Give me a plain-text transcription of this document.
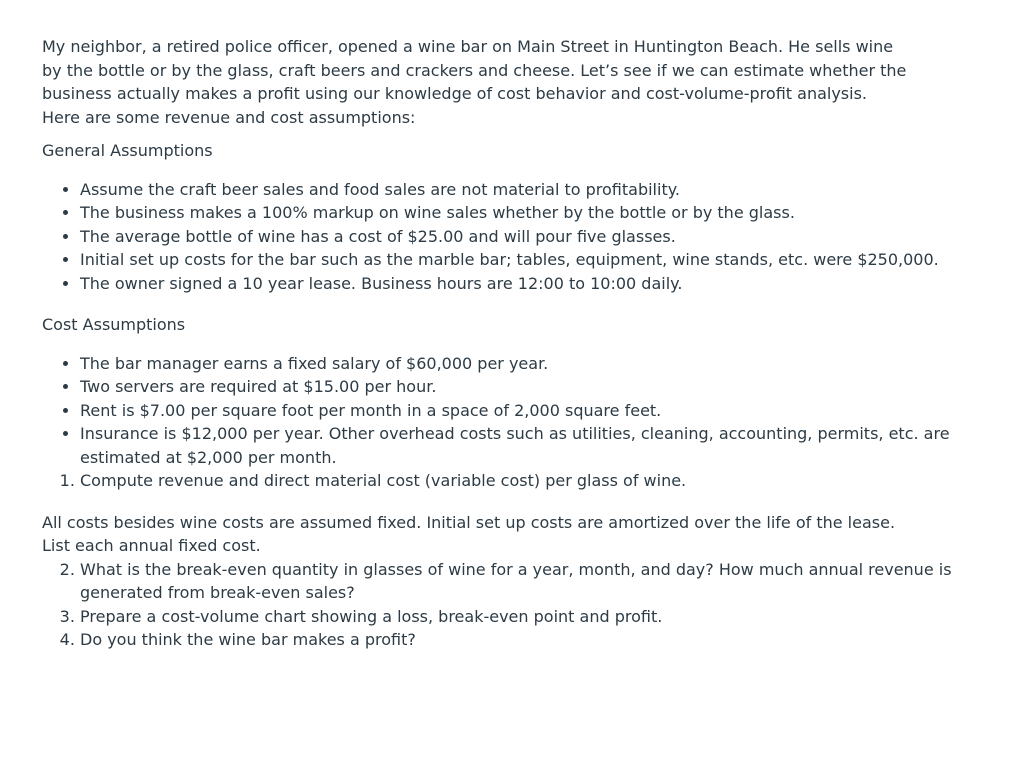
My neighbor, a retired police officer, opened a wine bar on Main Street in Huntington Beach. He sells wine
by the bottle or by the glass, craft beers and crackers and cheese. Let’s see if we can estimate whether the
business actually makes a profit using our knowledge of cost behavior and cost-volume-profit analysis.
Here are some revenue and cost assumptions:

General Assumptions

• Assume the craft beer sales and food sales are not material to profitability.
• The business makes a 100% markup on wine sales whether by the bottle or by the glass.
• The average bottle of wine has a cost of $25.00 and will pour five glasses.
• Initial set up costs for the bar such as the marble bar; tables, equipment, wine stands, etc. were $250,000.
• The owner signed a 10 year lease. Business hours are 12:00 to 10:00 daily.

Cost Assumptions

• The bar manager earns a fixed salary of $60,000 per year.
• Two servers are required at $15.00 per hour.
• Rent is $7.00 per square foot per month in a space of 2,000 square feet.
• Insurance is $12,000 per year. Other overhead costs such as utilities, cleaning, accounting, permits, etc. are estimated at $2,000 per month.
1. Compute revenue and direct material cost (variable cost) per glass of wine.

All costs besides wine costs are assumed fixed. Initial set up costs are amortized over the life of the lease.
List each annual fixed cost.

2. What is the break-even quantity in glasses of wine for a year, month, and day? How much annual revenue is generated from break-even sales?
3. Prepare a cost-volume chart showing a loss, break-even point and profit.
4. Do you think the wine bar makes a profit?
